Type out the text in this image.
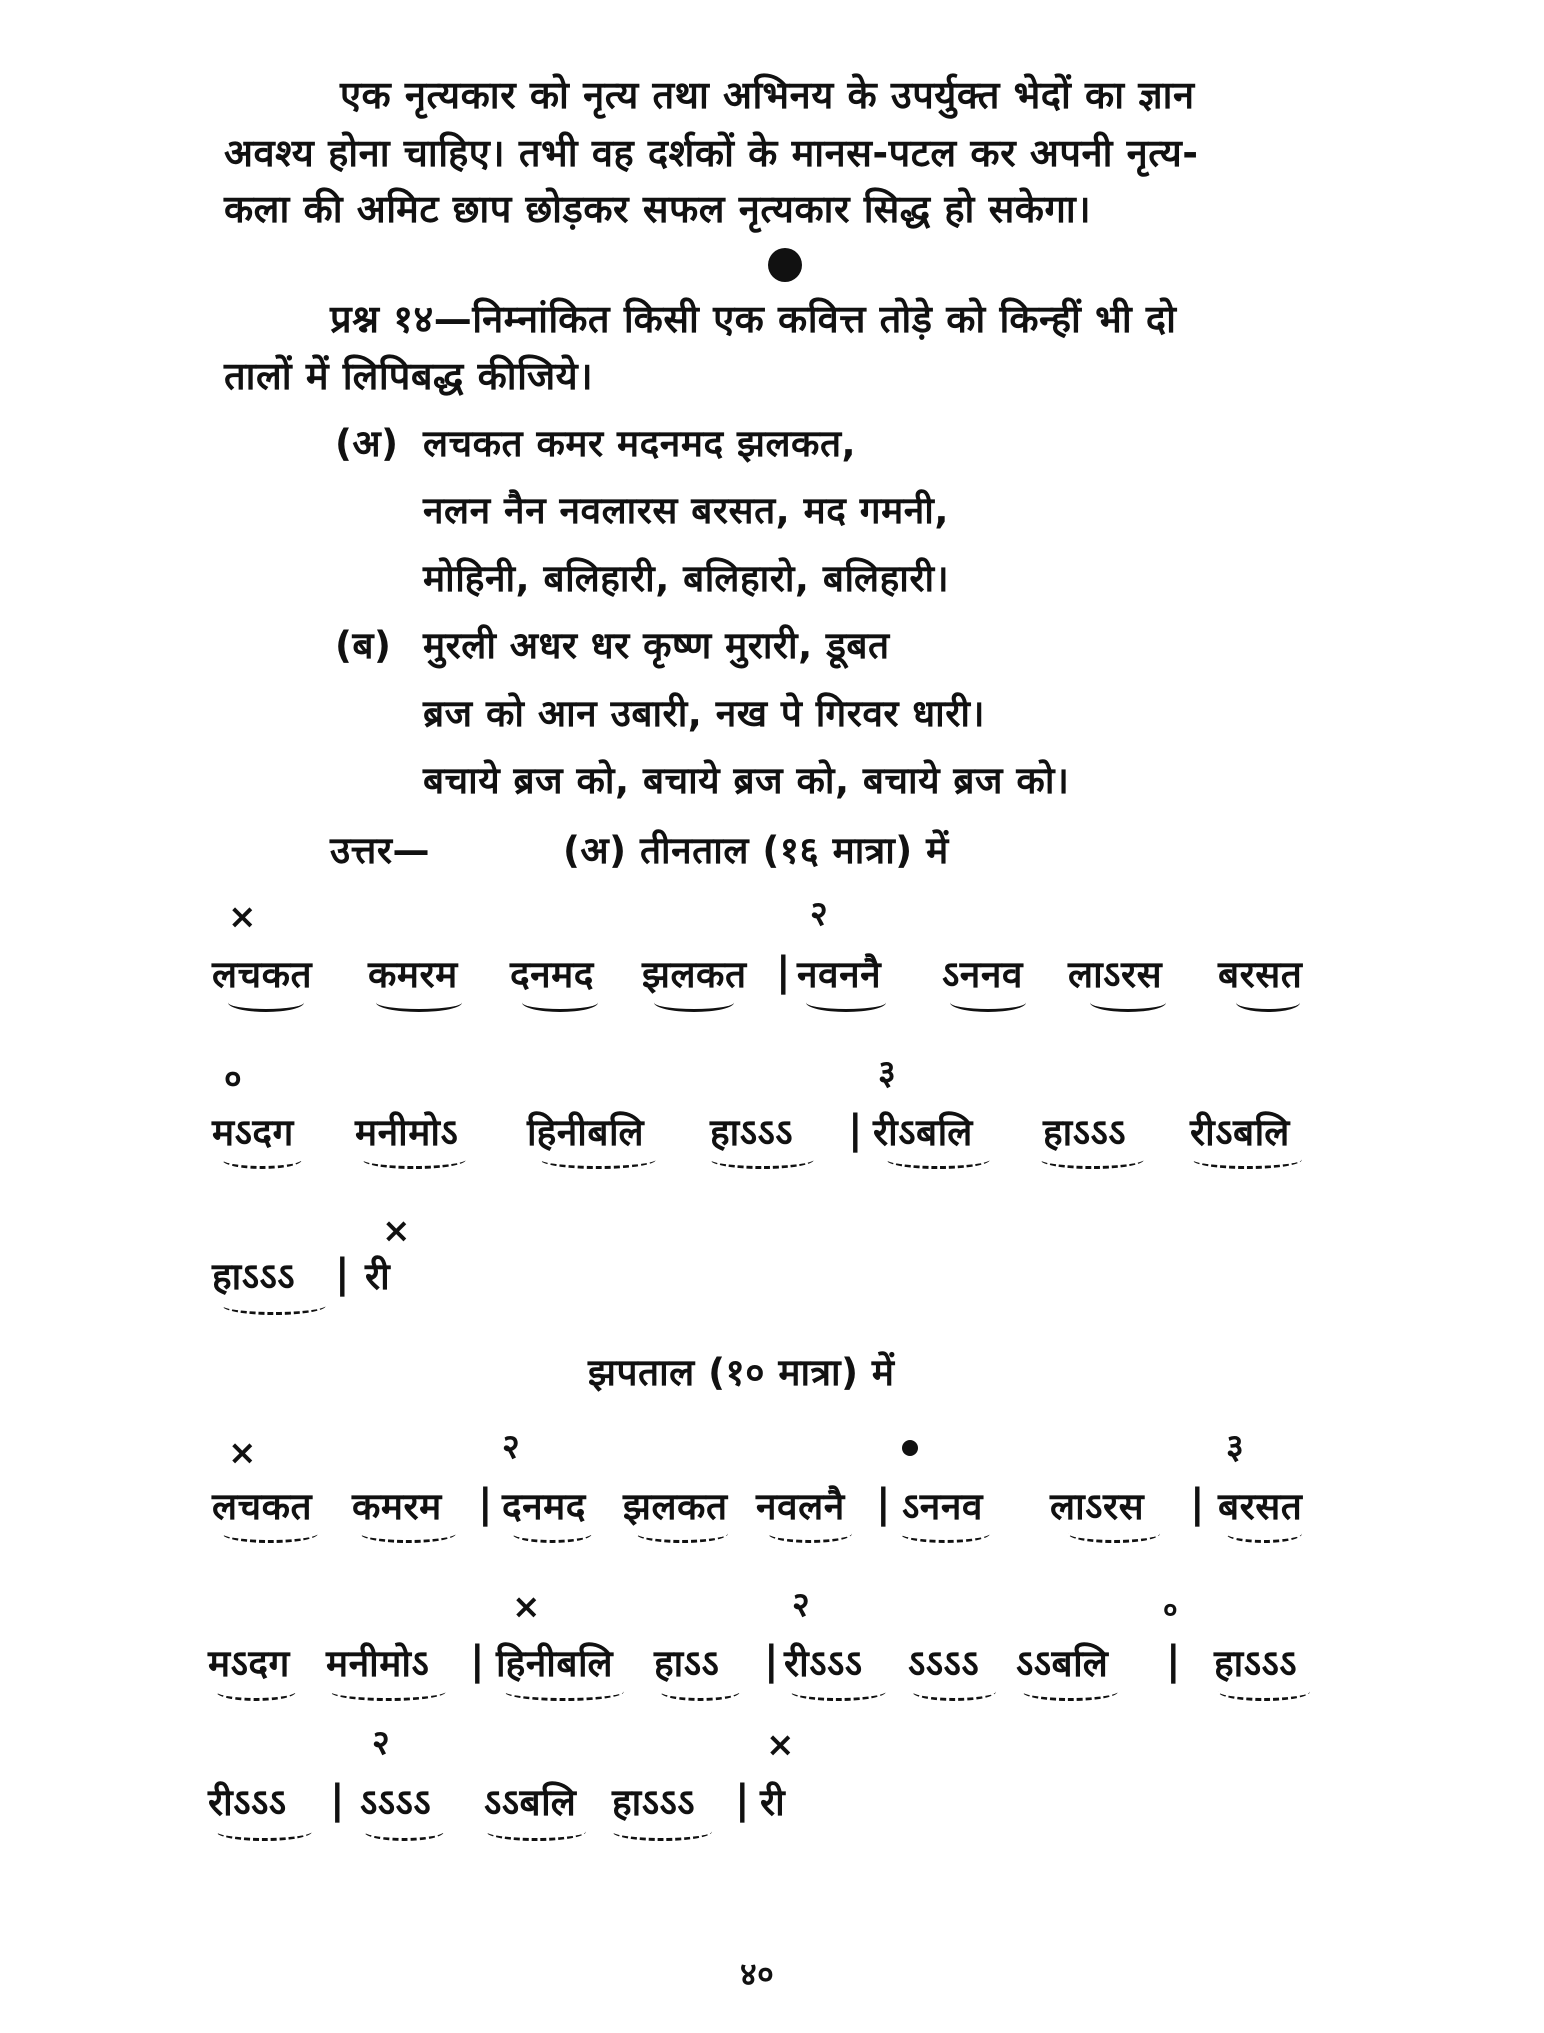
एक नृत्यकार को नृत्य तथा अभिनय के उपर्युक्त भेदों का ज्ञान
अवश्य होना चाहिए। तभी वह दर्शकों के मानस-पटल कर अपनी नृत्य-
कला की अमिट छाप छोड़कर सफल नृत्यकार सिद्ध हो सकेगा।
प्रश्न १४—निम्नांकित किसी एक कवित्त तोड़े को किन्हीं भी दो
तालों में लिपिबद्ध कीजिये।
(अ) लचकत कमर मदनमद झलकत,
नलन नैन नवलारस बरसत, मद गमनी,
मोहिनी, बलिहारी, बलिहारो, बलिहारी।
(ब) मुरली अधर धर कृष्ण मुरारी, डूबत
ब्रज को आन उबारी, नख पे गिरवर धारी।
बचाये ब्रज को, बचाये ब्रज को, बचाये ब्रज को।
उत्तर—	(अ) तीनताल (१६ मात्रा) में
×	२
लचकत कमरम दनमद झलकत | नवननै ऽननव लाऽरस बरसत
०	३
मऽदग मनीमोऽ हिनीबलि हाऽऽऽ | रीऽबलि हाऽऽऽ रीऽबलि
×
हाऽऽऽ | री
झपताल (१० मात्रा) में
×	२	३
लचकत कमरम | दनमद झलकत नवलनै | ऽननव लाऽरस | बरसत
×	२	०
मऽदग मनीमोऽ | हिनीबलि हाऽऽ | रीऽऽऽ ऽऽऽऽ ऽऽबलि | हाऽऽऽ
२	×
रीऽऽऽ | ऽऽऽऽ ऽऽबलि हाऽऽऽ | री
४०
